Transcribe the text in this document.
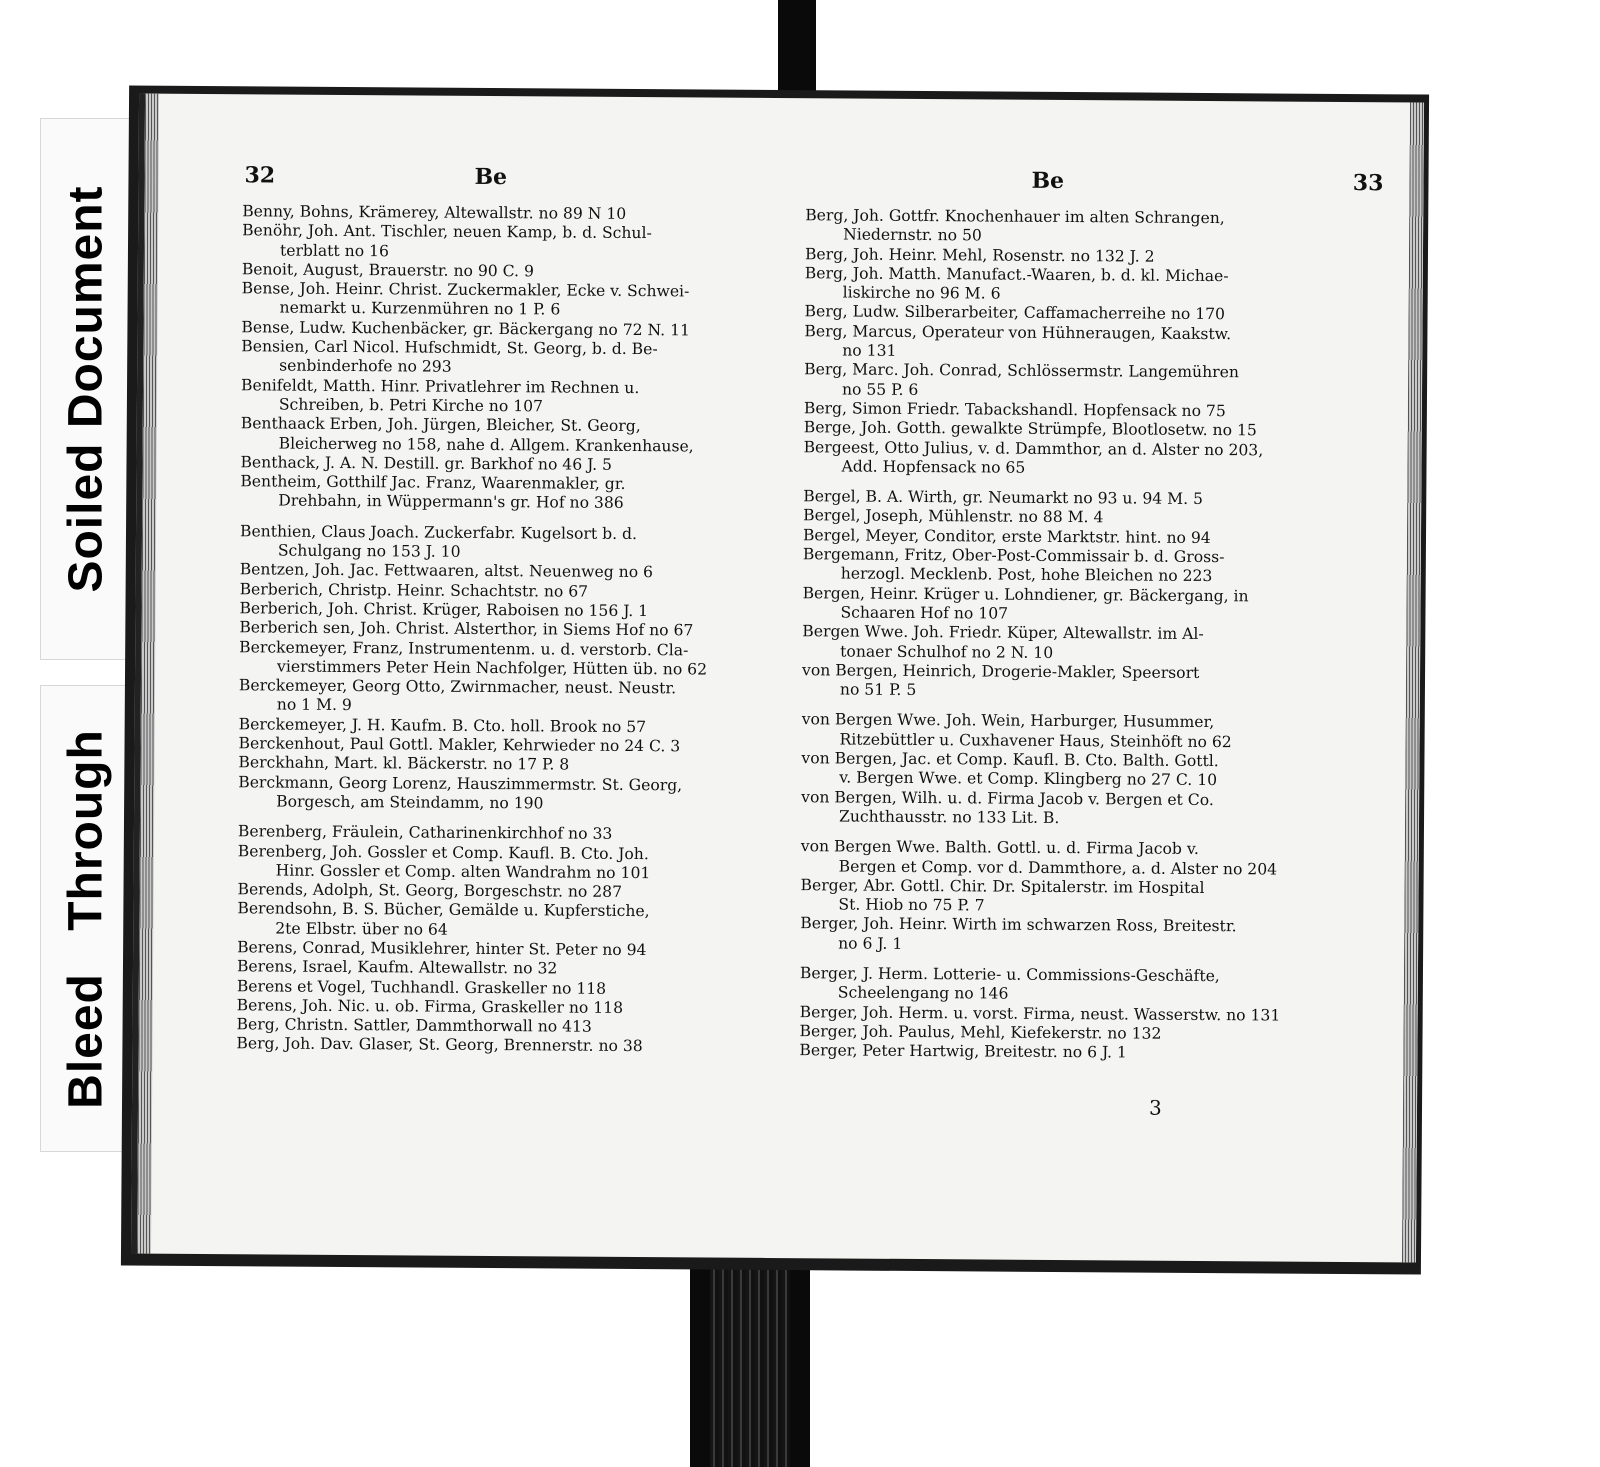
Soiled Document
Bleed Through
32	Be
Benny, Bohns, Krämerey, Altewallstr. no 89 N 10
Benöhr, Joh. Ant. Tischler, neuen Kamp, b. d. Schul-
terblatt no 16
Benoit, August, Brauerstr. no 90 C. 9
Bense, Joh. Heinr. Christ. Zuckermakler, Ecke v. Schwei-
nemarkt u. Kurzenmühren no 1 P. 6
Bense, Ludw. Kuchenbäcker, gr. Bäckergang no 72 N. 11
Bensien, Carl Nicol. Hufschmidt, St. Georg, b. d. Be-
senbinderhofe no 293
Benifeldt, Matth. Hinr. Privatlehrer im Rechnen u.
Schreiben, b. Petri Kirche no 107
Benthaack Erben, Joh. Jürgen, Bleicher, St. Georg,
Bleicherweg no 158, nahe d. Allgem. Krankenhause,
Benthack, J. A. N. Destill. gr. Barkhof no 46 J. 5
Bentheim, Gotthilf Jac. Franz, Waarenmakler, gr.
Drehbahn, in Wüppermann's gr. Hof no 386
Benthien, Claus Joach. Zuckerfabr. Kugelsort b. d.
Schulgang no 153 J. 10
Bentzen, Joh. Jac. Fettwaaren, altst. Neuenweg no 6
Berberich, Christp. Heinr. Schachtstr. no 67
Berberich, Joh. Christ. Krüger, Raboisen no 156 J. 1
Berberich sen, Joh. Christ. Alsterthor, in Siems Hof no 67
Berckemeyer, Franz, Instrumentenm. u. d. verstorb. Cla-
vierstimmers Peter Hein Nachfolger, Hütten üb. no 62
Berckemeyer, Georg Otto, Zwirnmacher, neust. Neustr.
no 1 M. 9
Berckemeyer, J. H. Kaufm. B. Cto. holl. Brook no 57
Berckenhout, Paul Gottl. Makler, Kehrwieder no 24 C. 3
Berckhahn, Mart. kl. Bäckerstr. no 17 P. 8
Berckmann, Georg Lorenz, Hauszimmermstr. St. Georg,
Borgesch, am Steindamm, no 190
Berenberg, Fräulein, Catharinenkirchhof no 33
Berenberg, Joh. Gossler et Comp. Kaufl. B. Cto. Joh.
Hinr. Gossler et Comp. alten Wandrahm no 101
Berends, Adolph, St. Georg, Borgeschstr. no 287
Berendsohn, B. S. Bücher, Gemälde u. Kupferstiche,
2te Elbstr. über no 64
Berens, Conrad, Musiklehrer, hinter St. Peter no 94
Berens, Israel, Kaufm. Altewallstr. no 32
Berens et Vogel, Tuchhandl. Graskeller no 118
Berens, Joh. Nic. u. ob. Firma, Graskeller no 118
Berg, Christn. Sattler, Dammthorwall no 413
Berg, Joh. Dav. Glaser, St. Georg, Brennerstr. no 38
Be	33
Berg, Joh. Gottfr. Knochenhauer im alten Schrangen,
Niedernstr. no 50
Berg, Joh. Heinr. Mehl, Rosenstr. no 132 J. 2
Berg, Joh. Matth. Manufact.-Waaren, b. d. kl. Michae-
liskirche no 96 M. 6
Berg, Ludw. Silberarbeiter, Caffamacherreihe no 170
Berg, Marcus, Operateur von Hühneraugen, Kaakstw.
no 131
Berg, Marc. Joh. Conrad, Schlössermstr. Langemühren
no 55 P. 6
Berg, Simon Friedr. Tabackshandl. Hopfensack no 75
Berge, Joh. Gotth. gewalkte Strümpfe, Blootlosetw. no 15
Bergeest, Otto Julius, v. d. Dammthor, an d. Alster no 203,
Add. Hopfensack no 65
Bergel, B. A. Wirth, gr. Neumarkt no 93 u. 94 M. 5
Bergel, Joseph, Mühlenstr. no 88 M. 4
Bergel, Meyer, Conditor, erste Marktstr. hint. no 94
Bergemann, Fritz, Ober-Post-Commissair b. d. Gross-
herzogl. Mecklenb. Post, hohe Bleichen no 223
Bergen, Heinr. Krüger u. Lohndiener, gr. Bäckergang, in
Schaaren Hof no 107
Bergen Wwe. Joh. Friedr. Küper, Altewallstr. im Al-
tonaer Schulhof no 2 N. 10
von Bergen, Heinrich, Drogerie-Makler, Speersort
no 51 P. 5
von Bergen Wwe. Joh. Wein, Harburger, Husummer,
Ritzebüttler u. Cuxhavener Haus, Steinhöft no 62
von Bergen, Jac. et Comp. Kaufl. B. Cto. Balth. Gottl.
v. Bergen Wwe. et Comp. Klingberg no 27 C. 10
von Bergen, Wilh. u. d. Firma Jacob v. Bergen et Co.
Zuchthausstr. no 133 Lit. B.
von Bergen Wwe. Balth. Gottl. u. d. Firma Jacob v.
Bergen et Comp. vor d. Dammthore, a. d. Alster no 204
Berger, Abr. Gottl. Chir. Dr. Spitalerstr. im Hospital
St. Hiob no 75 P. 7
Berger, Joh. Heinr. Wirth im schwarzen Ross, Breitestr.
no 6 J. 1
Berger, J. Herm. Lotterie- u. Commissions-Geschäfte,
Scheelengang no 146
Berger, Joh. Herm. u. vorst. Firma, neust. Wasserstw. no 131
Berger, Joh. Paulus, Mehl, Kiefekerstr. no 132
Berger, Peter Hartwig, Breitestr. no 6 J. 1
3
